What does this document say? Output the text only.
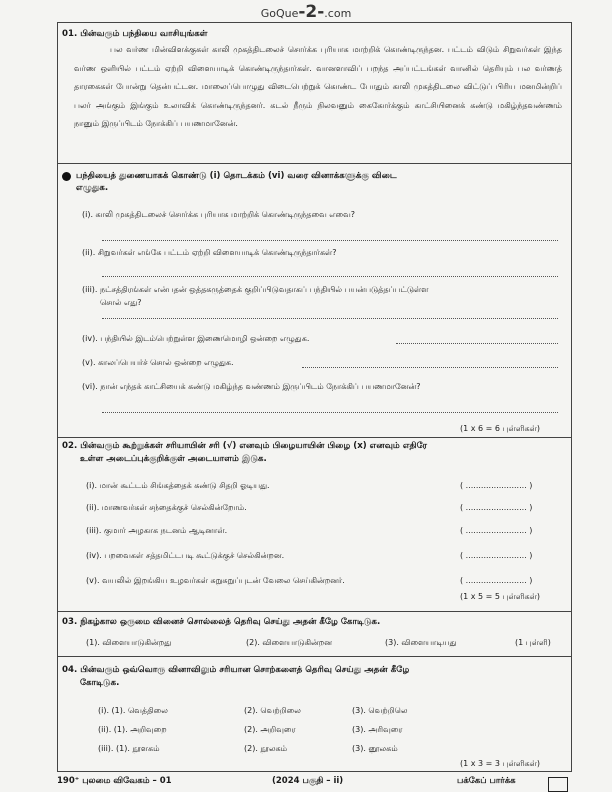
GoQue-2-.com
01. பின்வரும் பந்தியை வாசியுங்கள்
பல வர்ண மின்விளக்குகள் காலி முகத்திடலைச் சொர்க்க புரியாக மாற்றிக் கொண்டிருந்தன. பட்டம் விடும் சிறுவர்கள் இந்த வர்ண ஒளியில் பட்டம் ஏற்றி விளையாடிக் கொண்டிருந்தார்கள். வானளாவிப் பறந்த அப்பட்டங்கள் வானில் தெரியும் பல வர்ணத் தாரகைகள் போன்று தென்பட்டன. மாலைப்பொழுது விடைபெற்றுக் கொண்ட போதும் காலி முகத்திடலை விட்டுப் பிரிய மனமின்றிப் பலர் அங்கும் இங்கும் உலாவிக் கொண்டிருந்தனர். கடல் நீரும் நிலவனும் கைகோர்க்கும் காட்சியினைக் கண்டு மகிழ்ந்தவண்ணம் நானும் இருப்பிடம் நோக்கிப் பயணமானேன்.
பந்தியைத் துணையாகக் கொண்டு (i) தொடக்கம் (vi) வரை வினாக்களுக்கு விடை
எழுதுக.
(i). காலி முகத்திடலைச் சொர்க்க புரியாக மாற்றிக் கொண்டிருந்தவை எவை?
(ii). சிறுவர்கள் எங்கே பட்டம் ஏற்றி விளையாடிக் கொண்டிருந்தார்கள்?
(iii). நட்சத்திரங்கள் என்பதன் ஒத்தகருத்தைக் குறிப்பிடுவதாகப் பந்தியில் பயன்படுத்தப்பட்டுள்ள
சொல் எது?
(iv). பந்தியில் இடம்பெற்றுள்ள இணைமொழி ஒன்றை எழுதுக.
(v). காலப்பெயர்ச் சொல் ஒன்றை எழுதுக.
(vi). நான் எந்தக் காட்சியைக் கண்டு மகிழ்ந்த வண்ணம் இருப்பிடம் நோக்கிப் பயணமானேன்?
(1 x 6 = 6 புள்ளிகள்)
02. பின்வரும் கூற்றுக்கள் சரியாயின் சரி (√) எனவும் பிழையாயின் பிழை (x) எனவும் எதிரே
உள்ள அடைப்புக்குறிக்குள் அடையாளம் இடுக.
(i). மான் கூட்டம் சிங்கத்தைக் கண்டு சிதறி ஓடியது.	( ........................ )
(ii). மாணவர்கள் சந்தைக்குச் செல்கின்றோம்.	( ........................ )
(iii). குமார் அழகாக நடனம் ஆடினாள்.	( ........................ )
(iv). பறவைகள் சத்தமிட்டபடி கூட்டுக்குச் செல்கின்றன.	( ........................ )
(v). வயலில் இறங்கிய உழவர்கள் சுறுசுறுப்புடன் வேலை செய்கின்றனர்.	( ........................ )
(1 x 5 = 5 புள்ளிகள்)
03. நிகழ்கால ஒருமை வினைச் சொல்லைத் தெரிவு செய்து அதன் கீழே கோடிடுக.
(1). விளையாடுகின்றது	(2). விளையாடுகின்றன	(3). விளையாடியது	(1 புள்ளி)
04. பின்வரும் ஒவ்வொரு வினாவிலும் சரியான சொற்களைத் தெரிவு செய்து அதன் கீழே
கோடிடுக.
(i). (1). வெத்திலை	(2). வெற்றிலை	(3). வெற்றிலெ
(ii). (1). அறிவுறை	(2). அறிவுரை	(3). அரிவுரை
(iii). (1). நூளகம்	(2). நூலகம்	(3). னூலகம்
(1 x 3 = 3 புள்ளிகள்)
190⁺ புலமை விவேகம் – 01	(2024 பகுதி – ii)	பக்கேப் பார்க்க
